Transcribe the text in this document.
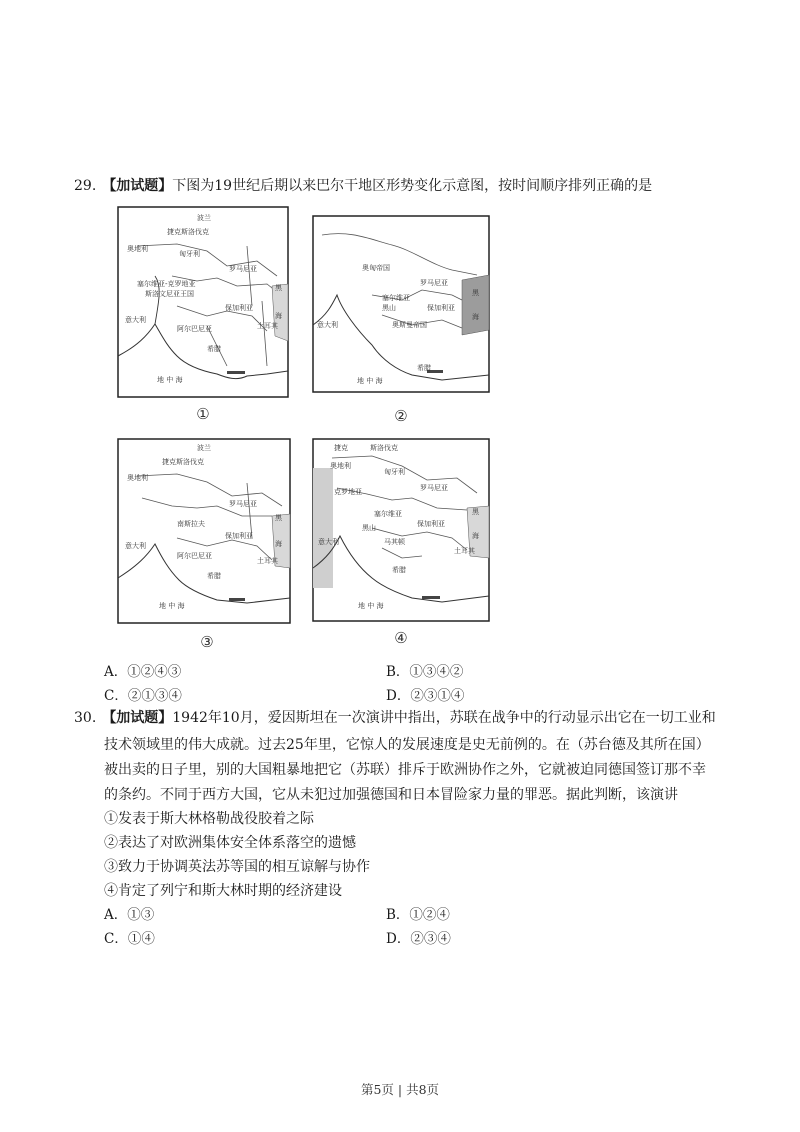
29. 【加试题】下图为19世纪后期以来巴尔干地区形势变化示意图，按时间顺序排列正确的是
波兰
捷克斯洛伐克
奥地利
匈牙利
罗马尼亚
塞尔维亚-克罗地亚
斯洛文尼亚王国
保加利亚
意大利
阿尔巴尼亚
希腊
土耳其
黑
海
地 中 海
①
奥匈帝国
罗马尼亚
塞尔维亚
黑山	保加利亚
奥斯曼帝国
意大利
希腊
黑
海
地 中 海
②
波兰
捷克斯洛伐克
奥地利
罗马尼亚
南斯拉夫
保加利亚
意大利
阿尔巴尼亚
希腊
土耳其
黑
海
地 中 海
③
捷克	斯洛伐克
奥地利
匈牙利
罗马尼亚
克罗地亚
塞尔维亚
黑山	保加利亚
意大利	马其顿
希腊
土耳其
黑
海
地 中 海
④
A．①②④③	B．①③④②
C．②①③④	D．②③①④
30. 【加试题】1942年10月，爱因斯坦在一次演讲中指出，苏联在战争中的行动显示出它在一切工业和
技术领域里的伟大成就。过去25年里，它惊人的发展速度是史无前例的。在（苏台德及其所在国）
被出卖的日子里，别的大国粗暴地把它（苏联）排斥于欧洲协作之外，它就被迫同德国签订那不幸
的条约。不同于西方大国，它从未犯过加强德国和日本冒险家力量的罪恶。据此判断，该演讲
①发表于斯大林格勒战役胶着之际
②表达了对欧洲集体安全体系落空的遗憾
③致力于协调英法苏等国的相互谅解与协作
④肯定了列宁和斯大林时期的经济建设
A．①③	B．①②④
C．①④	D．②③④
第5页 | 共8页
